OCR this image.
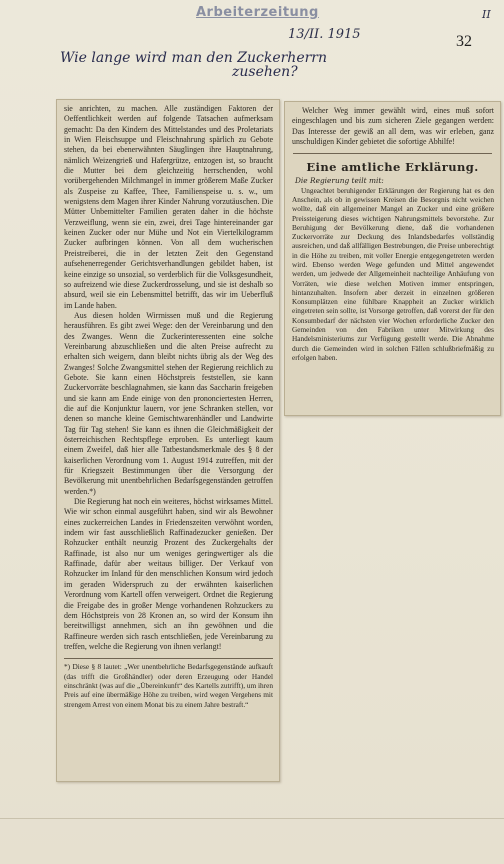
Arbeiterzeitung
13/II. 1915
II
32
Wie lange wird man den Zuckerherrn
zusehen?

sie anrichten, zu machen. Alle zuständigen Faktoren der Oeffentlichkeit werden auf folgende Tatsachen aufmerksam gemacht: Da den Kindern des Mittelstandes und des Proletariats in Wien Fleischsuppe und Fleischnahrung spärlich zu Gebote stehen, da bei ebenerwähnten Säuglingen ihre Hauptnahrung, nämlich Weizengrieß und Hafergrütze, entzogen ist, so braucht die Mutter bei dem gleichzeitig herrschenden, wohl vorübergehenden Milchmangel in immer größerem Maße Zucker als Zuspeise zu Kaffee, Thee, Familienspeise u. s. w., um wenigstens dem Magen ihrer Kinder Nahrung vorzutäuschen. Die Mütter Unbemittelter Familien geraten daher in die höchste Verzweiflung, wenn sie ein, zwei, drei Tage hintereinander gar keinen Zucker oder nur Mühe und Not ein Viertelkilogramm Zucker aufbringen können. Von all dem wucherischen Preistreiberei, die in der letzten Zeit den Gegenstand aufsehenerregender Gerichtsverhandlungen gebildet haben, ist keine einzige so unsozial, so verderblich für die Volksgesundheit, so aufreizend wie diese Zuckerdrosselung, und sie ist deshalb so absurd, weil sie ein Lebensmittel betrifft, das wir im Ueberfluß im Lande haben.

Aus diesen holden Wirrnissen muß und die Regierung herausführen. Es gibt zwei Wege: den der Vereinbarung und den des Zwanges. Wenn die Zuckerinteressenten eine solche Vereinbarung abzuschließen und die alten Preise aufrecht zu erhalten sich weigern, dann bleibt nichts übrig als der Weg des Zwanges! Solche Zwangsmittel stehen der Regierung reichlich zu Gebote. Sie kann einen Höchstpreis feststellen, sie kann Zuckervorräte beschlagnahmen, sie kann das Saccharin freigeben und sie kann am Ende einige von den prononciertesten Herren, die auf die Konjunktur lauern, vor jene Schranken stellen, vor denen so manche kleine Gemischtwarenhändler und Landwirte Tag für Tag stehen! Sie kann es ihnen die Gleichmäßigkeit der österreichischen Rechtspflege erproben. Es unterliegt kaum einem Zweifel, daß hier alle Tatbestandsmerkmale des § 8 der kaiserlichen Verordnung vom 1. August 1914 zutreffen, mit der für Kriegszeit Bestimmungen über die Versorgung der Bevölkerung mit unentbehrlichen Bedarfsgegenständen getroffen werden.*)

Die Regierung hat noch ein weiteres, höchst wirksames Mittel. Wie wir schon einmal ausgeführt haben, sind wir als Bewohner eines zuckerreichen Landes in Friedenszeiten verwöhnt worden, indem wir fast ausschließlich Raffinadezucker genießen. Der Rohzucker enthält neunzig Prozent des Zuckergehalts der Raffinade, ist also nur um weniges geringwertiger als die Raffinade, dafür aber weitaus billiger. Der Verkauf von Rohzucker im Inland für den menschlichen Konsum wird jedoch im geraden Widerspruch zu der erwähnten kaiserlichen Verordnung vom Kartell offen verweigert. Ordnet die Regierung die Freigabe des in großer Menge vorhandenen Rohzuckers zu dem Höchstpreis von 28 Kronen an, so wird der Konsum ihn bereitwilligst annehmen, sich an ihn gewöhnen und die Raffineure werden sich rasch entschließen, jede Vereinbarung zu treffen, welche die Regierung von ihnen verlangt!

*) Diese § 8 lautet: „Wer unentbehrliche Bedarfsgegenstände aufkauft (das trifft die Großhändler) oder deren Erzeugung oder Handel einschränkt (was auf die „Übereinkunft“ des Kartells zutrifft), um ihren Preis auf eine übermäßige Höhe zu treiben, wird wegen Vergehens mit strengem Arrest von einem Monat bis zu einem Jahre bestraft.“

Welcher Weg immer gewählt wird, eines muß sofort eingeschlagen und bis zum sicheren Ziele gegangen werden: Das Interesse der gewiß an all dem, was wir erleben, ganz unschuldigen Kinder gebietet die sofortige Abhilfe!

Eine amtliche Erklärung.
Die Regierung teilt mit:

Ungeachtet beruhigender Erklärungen der Regierung hat es den Anschein, als ob in gewissen Kreisen die Besorgnis nicht weichen wollte, daß ein allgemeiner Mangel an Zucker und eine größere Preissteigerung dieses wichtigen Nahrungsmittels bevorstehe. Zur Beruhigung der Bevölkerung diene, daß die vorhandenen Zuckervorräte zur Deckung des Inlandsbedarfes vollständig ausreichen, und daß allfälligen Bestrebungen, die Preise unberechtigt in die Höhe zu treiben, mit voller Energie entgegengetreten werden wird. Ebenso werden Wege gefunden und Mittel angewendet werden, um jedwede der Allgemeinheit nachteilige Anhäufung von Vorräten, wie diese welchen Motiven immer entspringen, hintanzuhalten. Insofern aber derzeit in einzelnen größeren Konsumplätzen eine fühlbare Knappheit an Zucker wirklich eingetreten sein sollte, ist Vorsorge getroffen, daß vorerst der für den Konsumbedarf der nächsten vier Wochen erforderliche Zucker den Gemeinden von den Fabriken unter Mitwirkung des Handelsministeriums zur Verfügung gestellt werde. Die Abnahme durch die Gemeinden wird in solchen Fällen schlußbriefmäßig zu erfolgen haben.
